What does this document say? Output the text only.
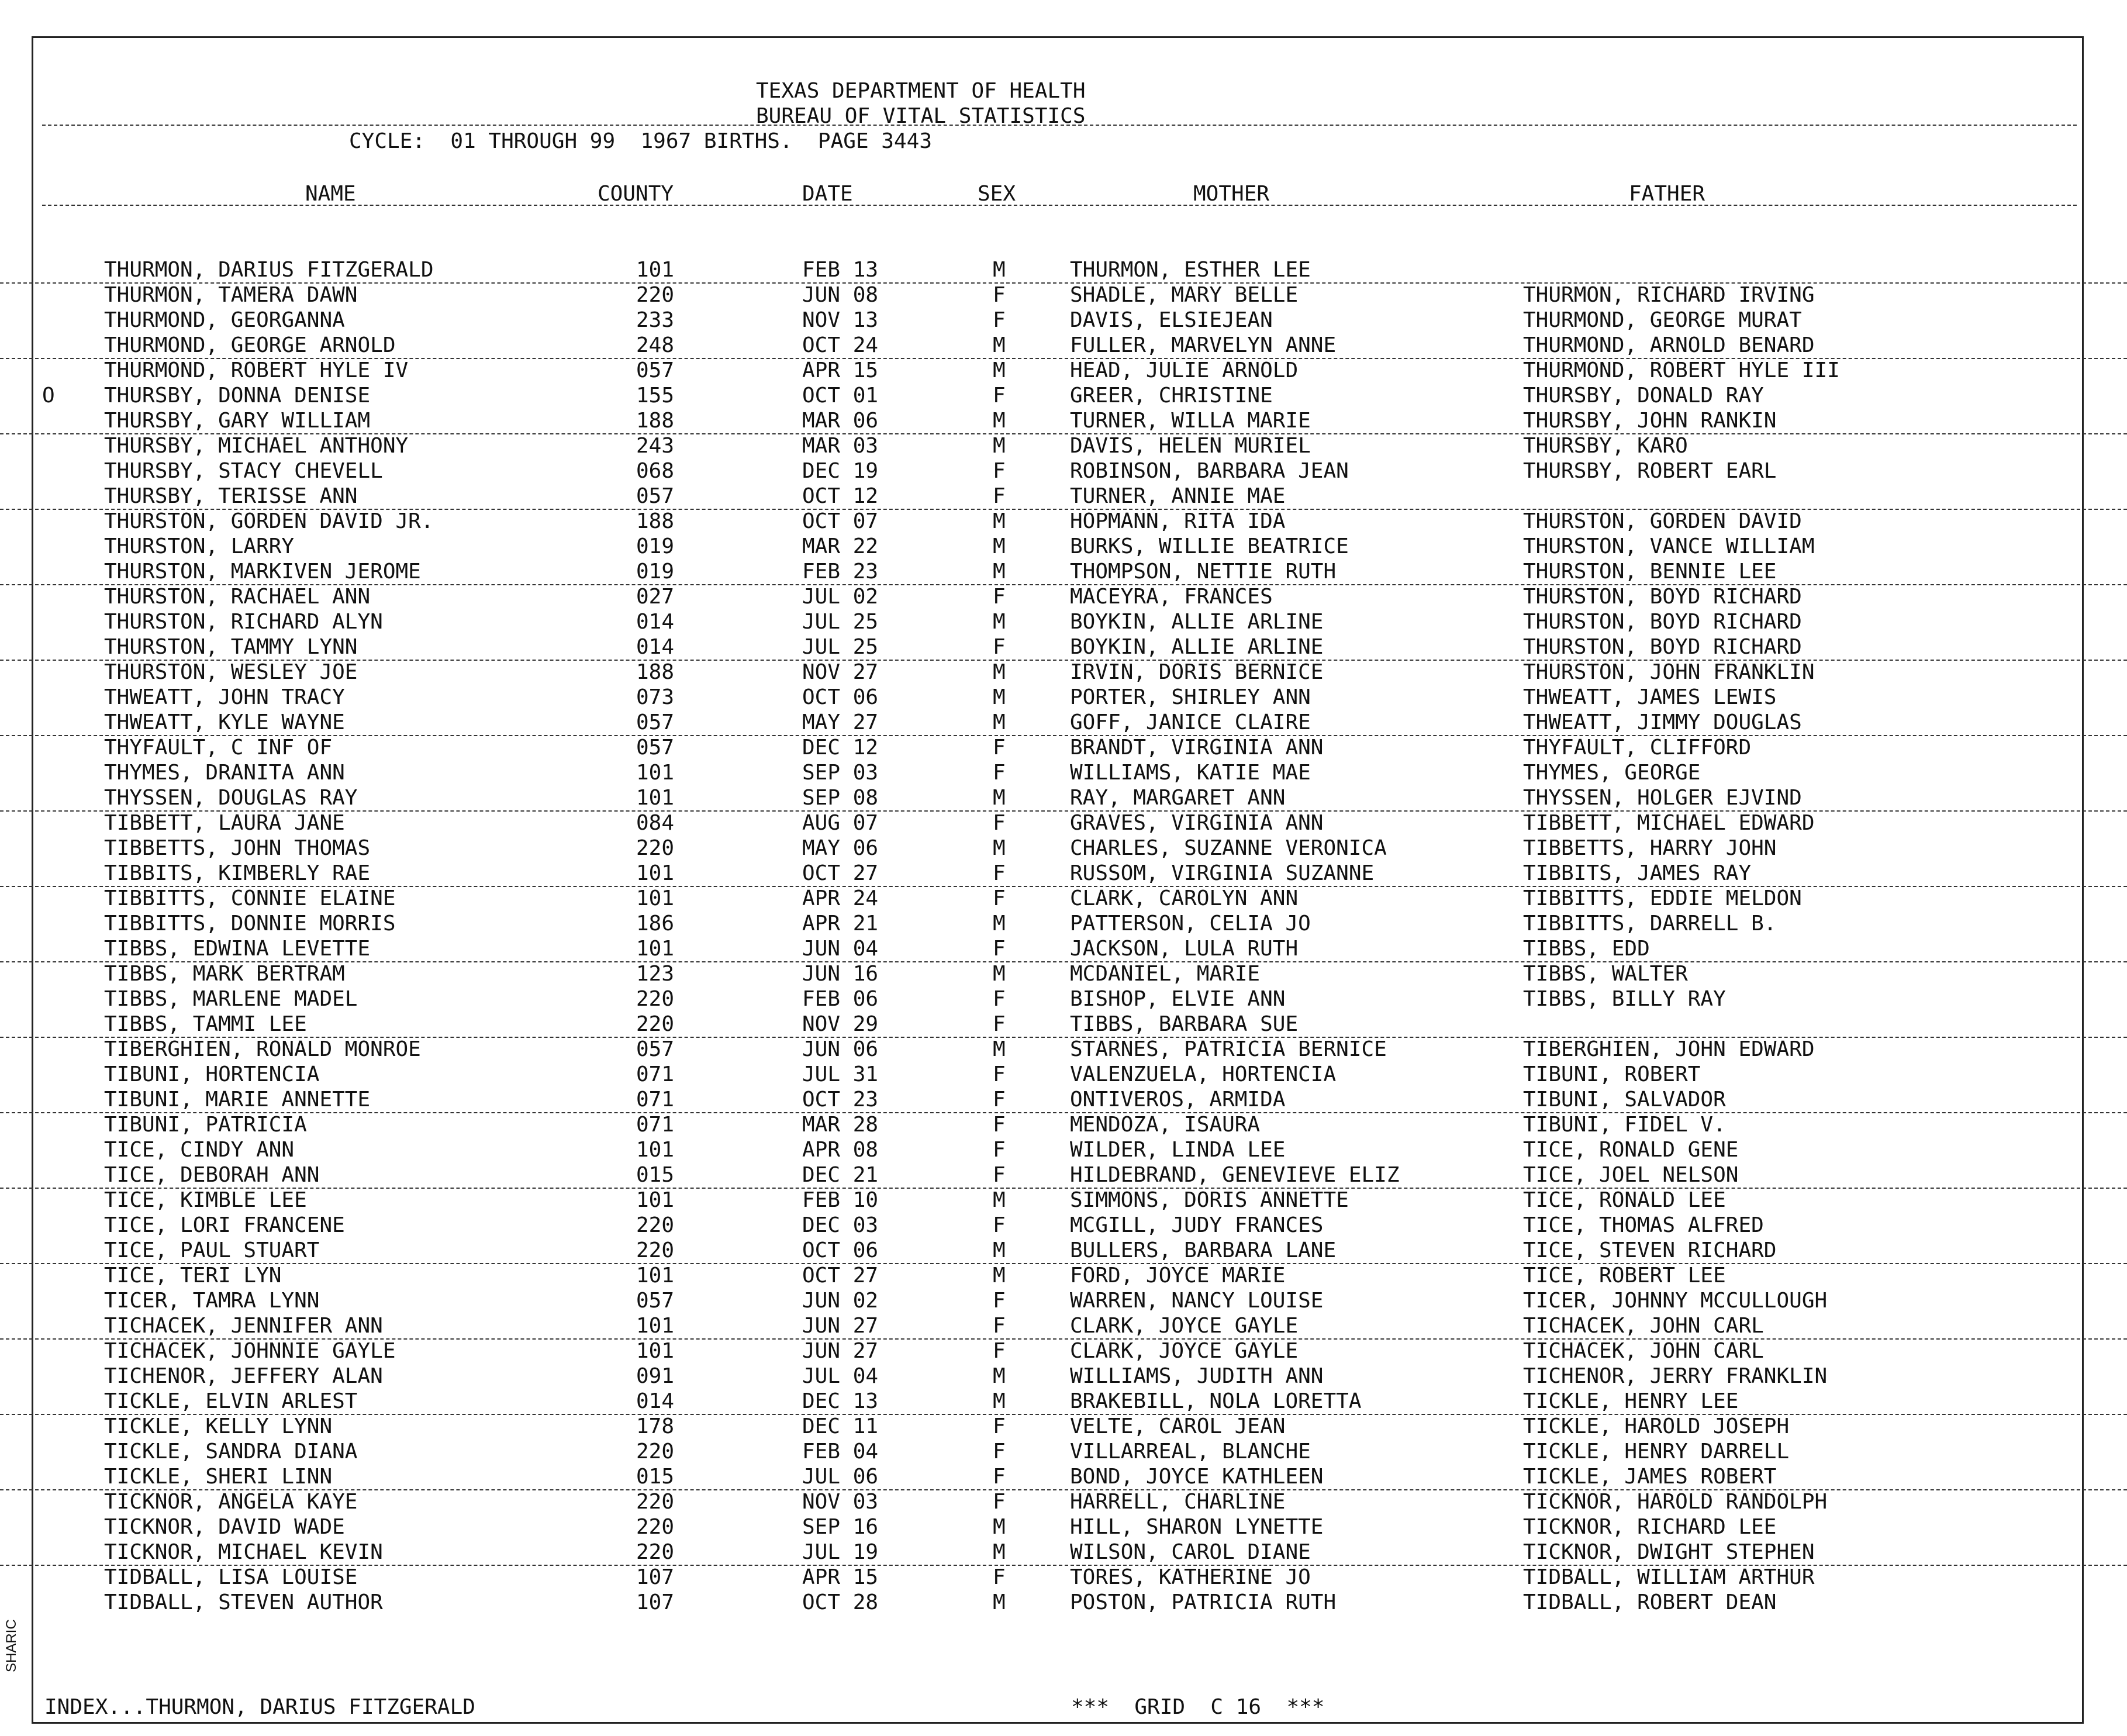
TEXAS DEPARTMENT OF HEALTH
BUREAU OF VITAL STATISTICS
CYCLE:  01 THROUGH 99  1967 BIRTHS.  PAGE 3443
NAME	COUNTY	DATE	SEX	MOTHER	FATHER
THURMON, DARIUS FITZGERALD	101	FEB 13	M	THURMON, ESTHER LEE
THURMON, TAMERA DAWN	220	JUN 08	F	SHADLE, MARY BELLE	THURMON, RICHARD IRVING
THURMOND, GEORGANNA	233	NOV 13	F	DAVIS, ELSIEJEAN	THURMOND, GEORGE MURAT
THURMOND, GEORGE ARNOLD	248	OCT 24	M	FULLER, MARVELYN ANNE	THURMOND, ARNOLD BENARD
THURMOND, ROBERT HYLE IV	057	APR 15	M	HEAD, JULIE ARNOLD	THURMOND, ROBERT HYLE III
O THURSBY, DONNA DENISE	155	OCT 01	F	GREER, CHRISTINE	THURSBY, DONALD RAY
THURSBY, GARY WILLIAM	188	MAR 06	M	TURNER, WILLA MARIE	THURSBY, JOHN RANKIN
THURSBY, MICHAEL ANTHONY	243	MAR 03	M	DAVIS, HELEN MURIEL	THURSBY, KARO
THURSBY, STACY CHEVELL	068	DEC 19	F	ROBINSON, BARBARA JEAN	THURSBY, ROBERT EARL
THURSBY, TERISSE ANN	057	OCT 12	F	TURNER, ANNIE MAE
THURSTON, GORDEN DAVID JR.	188	OCT 07	M	HOPMANN, RITA IDA	THURSTON, GORDEN DAVID
THURSTON, LARRY	019	MAR 22	M	BURKS, WILLIE BEATRICE	THURSTON, VANCE WILLIAM
THURSTON, MARKIVEN JEROME	019	FEB 23	M	THOMPSON, NETTIE RUTH	THURSTON, BENNIE LEE
THURSTON, RACHAEL ANN	027	JUL 02	F	MACEYRA, FRANCES	THURSTON, BOYD RICHARD
THURSTON, RICHARD ALYN	014	JUL 25	M	BOYKIN, ALLIE ARLINE	THURSTON, BOYD RICHARD
THURSTON, TAMMY LYNN	014	JUL 25	F	BOYKIN, ALLIE ARLINE	THURSTON, BOYD RICHARD
THURSTON, WESLEY JOE	188	NOV 27	M	IRVIN, DORIS BERNICE	THURSTON, JOHN FRANKLIN
THWEATT, JOHN TRACY	073	OCT 06	M	PORTER, SHIRLEY ANN	THWEATT, JAMES LEWIS
THWEATT, KYLE WAYNE	057	MAY 27	M	GOFF, JANICE CLAIRE	THWEATT, JIMMY DOUGLAS
THYFAULT, C INF OF	057	DEC 12	F	BRANDT, VIRGINIA ANN	THYFAULT, CLIFFORD
THYMES, DRANITA ANN	101	SEP 03	F	WILLIAMS, KATIE MAE	THYMES, GEORGE
THYSSEN, DOUGLAS RAY	101	SEP 08	M	RAY, MARGARET ANN	THYSSEN, HOLGER EJVIND
TIBBETT, LAURA JANE	084	AUG 07	F	GRAVES, VIRGINIA ANN	TIBBETT, MICHAEL EDWARD
TIBBETTS, JOHN THOMAS	220	MAY 06	M	CHARLES, SUZANNE VERONICA	TIBBETTS, HARRY JOHN
TIBBITS, KIMBERLY RAE	101	OCT 27	F	RUSSOM, VIRGINIA SUZANNE	TIBBITS, JAMES RAY
TIBBITTS, CONNIE ELAINE	101	APR 24	F	CLARK, CAROLYN ANN	TIBBITTS, EDDIE MELDON
TIBBITTS, DONNIE MORRIS	186	APR 21	M	PATTERSON, CELIA JO	TIBBITTS, DARRELL B.
TIBBS, EDWINA LEVETTE	101	JUN 04	F	JACKSON, LULA RUTH	TIBBS, EDD
TIBBS, MARK BERTRAM	123	JUN 16	M	MCDANIEL, MARIE	TIBBS, WALTER
TIBBS, MARLENE MADEL	220	FEB 06	F	BISHOP, ELVIE ANN	TIBBS, BILLY RAY
TIBBS, TAMMI LEE	220	NOV 29	F	TIBBS, BARBARA SUE
TIBERGHIEN, RONALD MONROE	057	JUN 06	M	STARNES, PATRICIA BERNICE	TIBERGHIEN, JOHN EDWARD
TIBUNI, HORTENCIA	071	JUL 31	F	VALENZUELA, HORTENCIA	TIBUNI, ROBERT
TIBUNI, MARIE ANNETTE	071	OCT 23	F	ONTIVEROS, ARMIDA	TIBUNI, SALVADOR
TIBUNI, PATRICIA	071	MAR 28	F	MENDOZA, ISAURA	TIBUNI, FIDEL V.
TICE, CINDY ANN	101	APR 08	F	WILDER, LINDA LEE	TICE, RONALD GENE
TICE, DEBORAH ANN	015	DEC 21	F	HILDEBRAND, GENEVIEVE ELIZ	TICE, JOEL NELSON
TICE, KIMBLE LEE	101	FEB 10	M	SIMMONS, DORIS ANNETTE	TICE, RONALD LEE
TICE, LORI FRANCENE	220	DEC 03	F	MCGILL, JUDY FRANCES	TICE, THOMAS ALFRED
TICE, PAUL STUART	220	OCT 06	M	BULLERS, BARBARA LANE	TICE, STEVEN RICHARD
TICE, TERI LYN	101	OCT 27	M	FORD, JOYCE MARIE	TICE, ROBERT LEE
TICER, TAMRA LYNN	057	JUN 02	F	WARREN, NANCY LOUISE	TICER, JOHNNY MCCULLOUGH
TICHACEK, JENNIFER ANN	101	JUN 27	F	CLARK, JOYCE GAYLE	TICHACEK, JOHN CARL
TICHACEK, JOHNNIE GAYLE	101	JUN 27	F	CLARK, JOYCE GAYLE	TICHACEK, JOHN CARL
TICHENOR, JEFFERY ALAN	091	JUL 04	M	WILLIAMS, JUDITH ANN	TICHENOR, JERRY FRANKLIN
TICKLE, ELVIN ARLEST	014	DEC 13	M	BRAKEBILL, NOLA LORETTA	TICKLE, HENRY LEE
TICKLE, KELLY LYNN	178	DEC 11	F	VELTE, CAROL JEAN	TICKLE, HAROLD JOSEPH
TICKLE, SANDRA DIANA	220	FEB 04	F	VILLARREAL, BLANCHE	TICKLE, HENRY DARRELL
TICKLE, SHERI LINN	015	JUL 06	F	BOND, JOYCE KATHLEEN	TICKLE, JAMES ROBERT
TICKNOR, ANGELA KAYE	220	NOV 03	F	HARRELL, CHARLINE	TICKNOR, HAROLD RANDOLPH
TICKNOR, DAVID WADE	220	SEP 16	M	HILL, SHARON LYNETTE	TICKNOR, RICHARD LEE
TICKNOR, MICHAEL KEVIN	220	JUL 19	M	WILSON, CAROL DIANE	TICKNOR, DWIGHT STEPHEN
TIDBALL, LISA LOUISE	107	APR 15	F	TORES, KATHERINE JO	TIDBALL, WILLIAM ARTHUR
TIDBALL, STEVEN AUTHOR	107	OCT 28	M	POSTON, PATRICIA RUTH	TIDBALL, ROBERT DEAN
INDEX...THURMON, DARIUS FITZGERALD	***  GRID  C 16  ***
SHARIC
